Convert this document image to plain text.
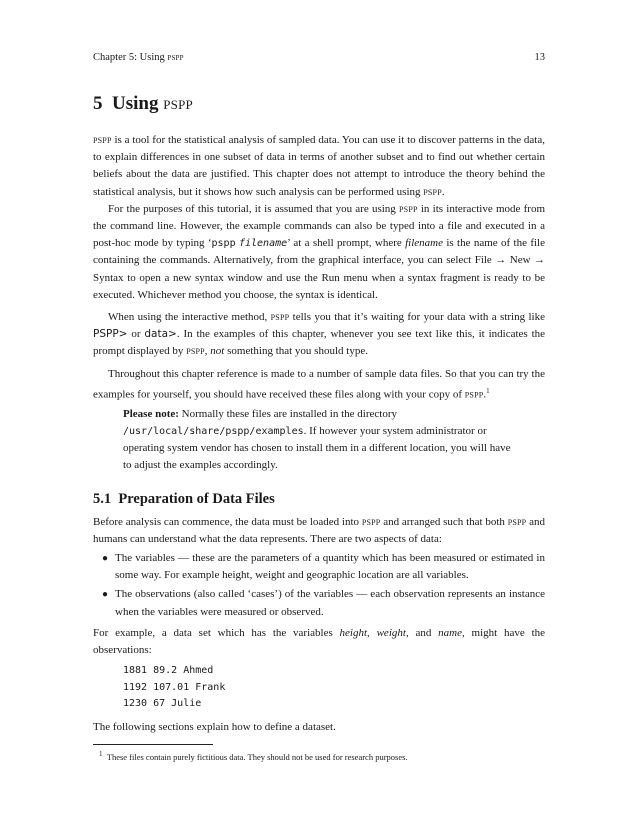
Chapter 5: Using pspp	13
5 Using pspp

pspp is a tool for the statistical analysis of sampled data. You can use it to discover patterns in the data, to explain differences in one subset of data in terms of another subset and to find out whether certain beliefs about the data are justified. This chapter does not attempt to introduce the theory behind the statistical analysis, but it shows how such analysis can be performed using pspp.

For the purposes of this tutorial, it is assumed that you are using pspp in its interactive mode from the command line. However, the example commands can also be typed into a file and executed in a post-hoc mode by typing ‘pspp filename’ at a shell prompt, where filename is the name of the file containing the commands. Alternatively, from the graphical interface, you can select File → New → Syntax to open a new syntax window and use the Run menu when a syntax fragment is ready to be executed. Whichever method you choose, the syntax is identical.

When using the interactive method, pspp tells you that it’s waiting for your data with a string like PSPP> or data>. In the examples of this chapter, whenever you see text like this, it indicates the prompt displayed by pspp, not something that you should type.

Throughout this chapter reference is made to a number of sample data files. So that you can try the examples for yourself, you should have received these files along with your copy of pspp.$^1$

Please note: Normally these files are installed in the directory /usr/local/share/pspp/examples. If however your system administrator or operating system vendor has chosen to install them in a different location, you will have to adjust the examples accordingly.

5.1 Preparation of Data Files

Before analysis can commence, the data must be loaded into pspp and arranged such that both pspp and humans can understand what the data represents. There are two aspects of data:

● The variables — these are the parameters of a quantity which has been measured or estimated in some way. For example height, weight and geographic location are all variables.
● The observations (also called ‘cases’) of the variables — each observation represents an instance when the variables were measured or observed.

For example, a data set which has the variables height, weight, and name, might have the observations:

1881 89.2 Ahmed
1192 107.01 Frank
1230 67 Julie

The following sections explain how to define a dataset.

$^1$ These files contain purely fictitious data. They should not be used for research purposes.
